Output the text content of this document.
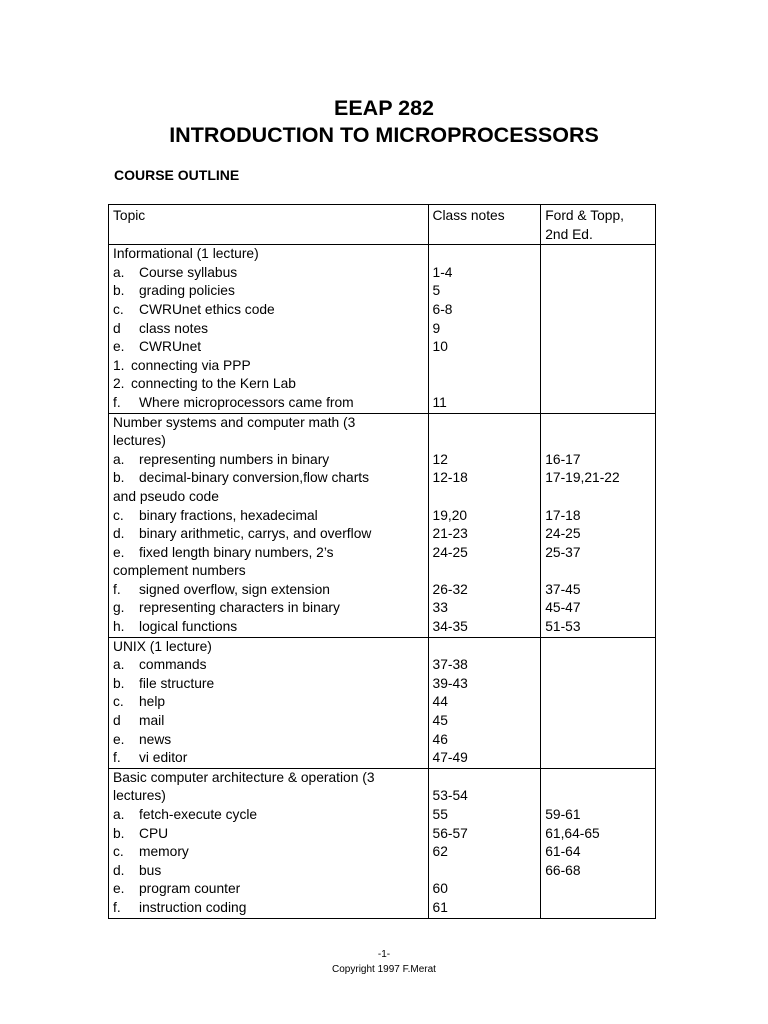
EEAP 282
INTRODUCTION TO MICROPROCESSORS
COURSE OUTLINE
Topic	Class notes	Ford & Topp,
2nd Ed.
Informational (1 lecture)		
a. Course syllabus	1-4	
b. grading policies	5	
c. CWRUnet ethics code	6-8	
d class notes	9	
e. CWRUnet	10	
1. connecting via PPP		
2. connecting to the Kern Lab		
f. Where microprocessors came from	11	
Number systems and computer math (3		
lectures)		
a. representing numbers in binary	12	16-17
b. decimal-binary conversion,flow charts	12-18	17-19,21-22
and pseudo code		
c. binary fractions, hexadecimal	19,20	17-18
d. binary arithmetic, carrys, and overflow	21-23	24-25
e. fixed length binary numbers, 2’s	24-25	25-37
complement numbers		
f. signed overflow, sign extension	26-32	37-45
g. representing characters in binary	33	45-47
h. logical functions	34-35	51-53
UNIX (1 lecture)		
a. commands	37-38	
b. file structure	39-43	
c. help	44	
d mail	45	
e. news	46	
f. vi editor	47-49	
Basic computer architecture & operation (3		
lectures)	53-54	
a. fetch-execute cycle	55	59-61
b. CPU	56-57	61,64-65
c. memory	62	61-64
d. bus		66-68
e. program counter	60	
f. instruction coding	61	
-1-
Copyright 1997 F.Merat
